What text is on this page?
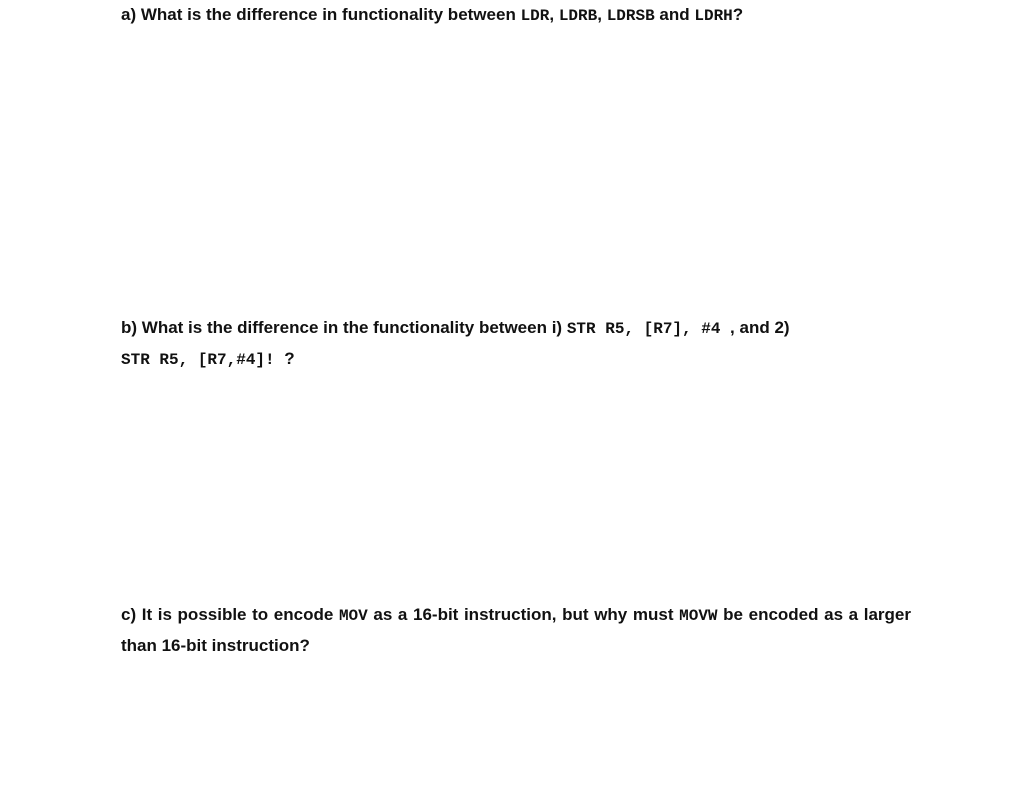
a) What is the difference in functionality between LDR, LDRB, LDRSB and LDRH?

b) What is the difference in the functionality between i) STR R5, [R7], #4 , and 2) STR R5, [R7,#4]! ?

c) It is possible to encode MOV as a 16-bit instruction, but why must MOVW be encoded as a larger than 16-bit instruction?
